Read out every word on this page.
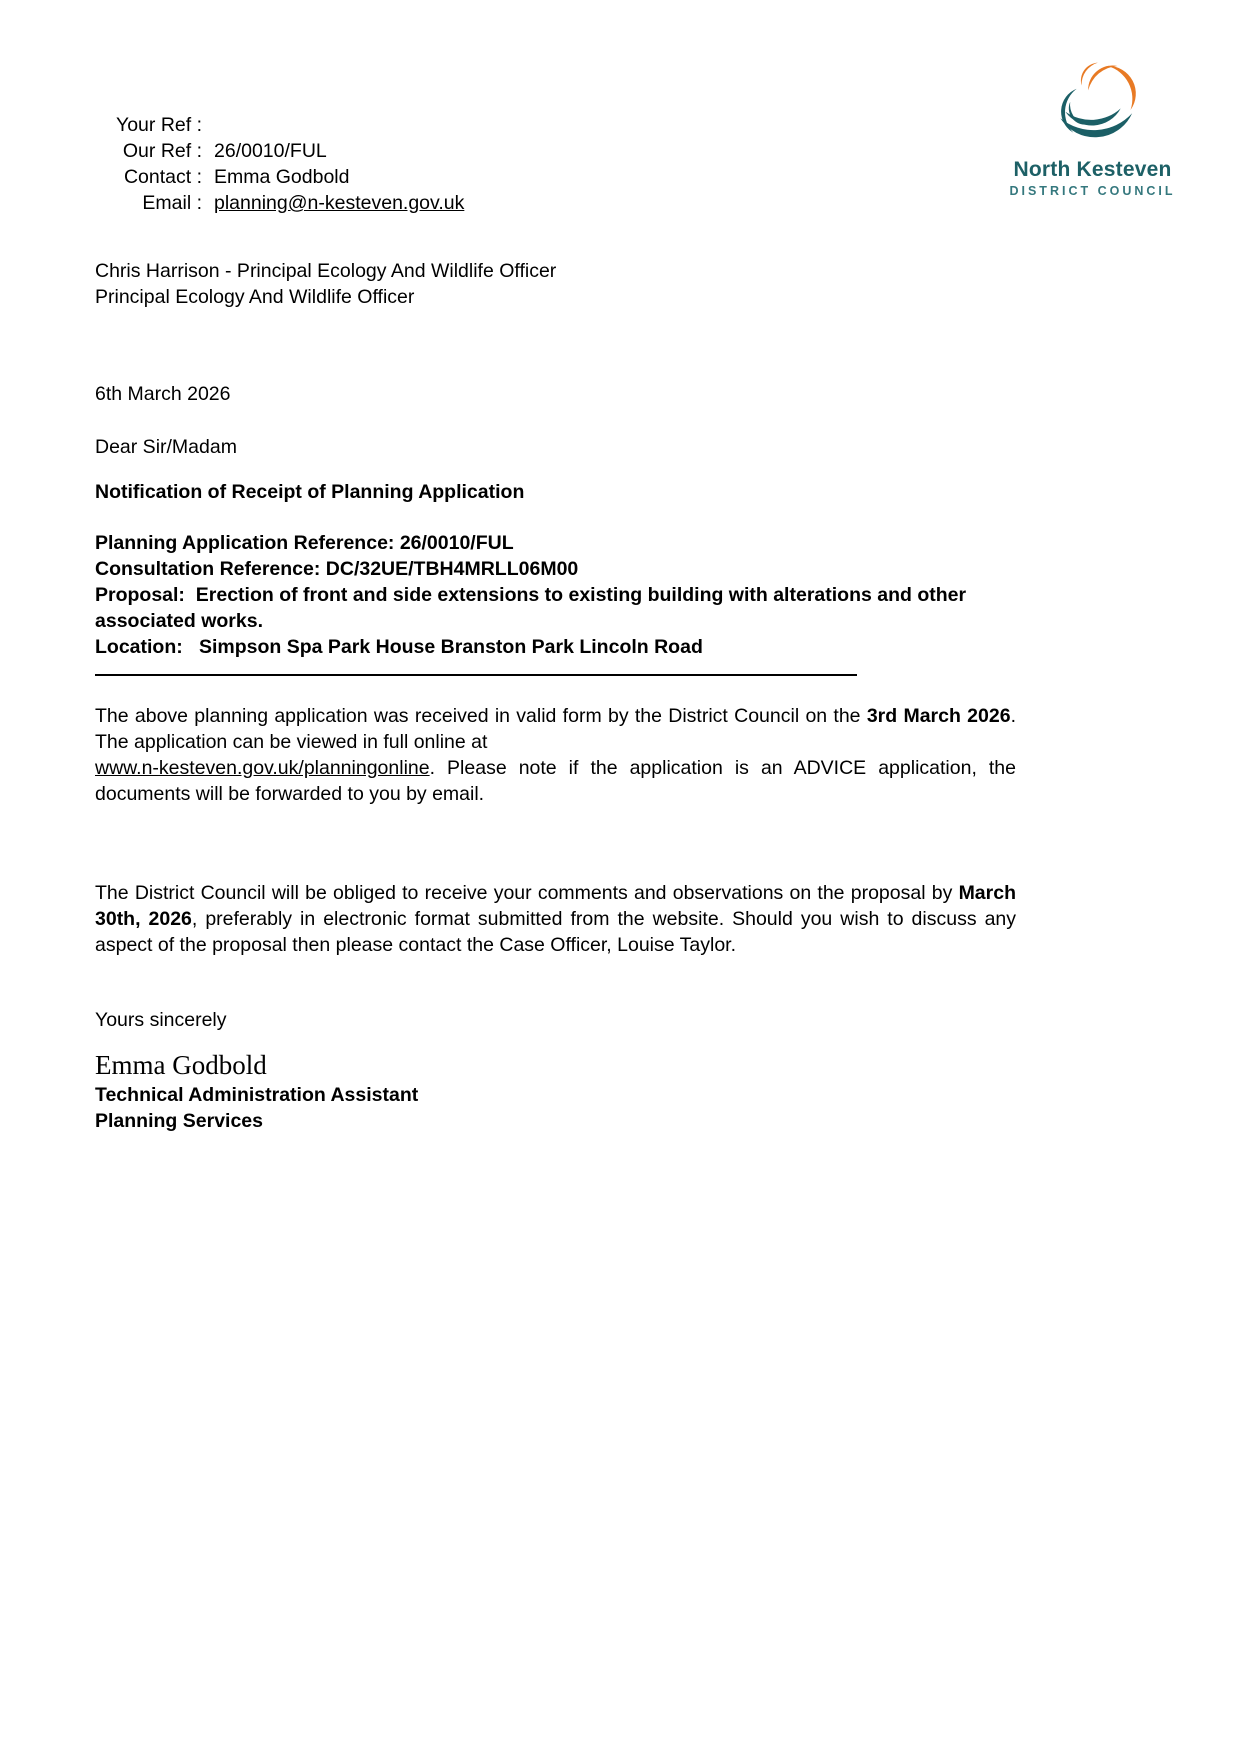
Your Ref :
Our Ref : 26/0010/FUL
Contact : Emma Godbold
Email : planning@n-kesteven.gov.uk
North Kesteven
DISTRICT COUNCIL
Chris Harrison - Principal Ecology And Wildlife Officer
Principal Ecology And Wildlife Officer
6th March 2026
Dear Sir/Madam
Notification of Receipt of Planning Application
Planning Application Reference: 26/0010/FUL
Consultation Reference: DC/32UE/TBH4MRLL06M00
Proposal:  Erection of front and side extensions to existing building with alterations and other associated works.
Location:   Simpson Spa Park House Branston Park Lincoln Road

The above planning application was received in valid form by the District Council on the 3rd March 2026. The application can be viewed in full online at
www.n-kesteven.gov.uk/planningonline. Please note if the application is an ADVICE application, the documents will be forwarded to you by email.

The District Council will be obliged to receive your comments and observations on the proposal by March 30th, 2026, preferably in electronic format submitted from the website. Should you wish to discuss any aspect of the proposal then please contact the Case Officer, Louise Taylor.

Yours sincerely
Emma Godbold
Technical Administration Assistant
Planning Services
